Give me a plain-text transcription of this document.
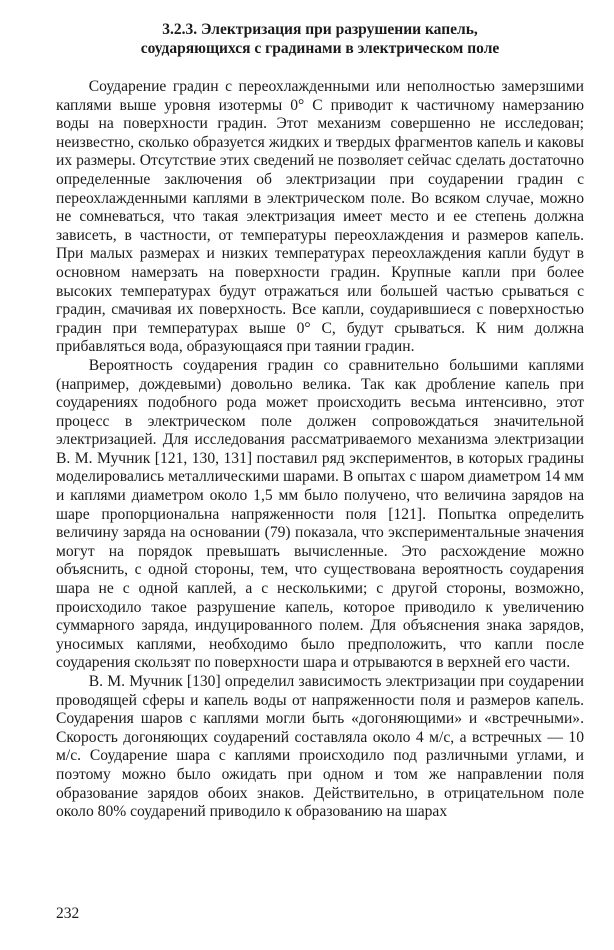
3.2.3. Электризация при разрушении капель,
соударяющихся с градинами в электрическом поле

Соударение градин с переохлажденными или неполностью замерзшими каплями выше уровня изотермы 0° С приводит к частичному намерзанию воды на поверхности градин. Этот механизм совершенно не исследован; неизвестно, сколько образуется жидких и твердых фрагментов капель и каковы их размеры. Отсутствие этих сведений не позволяет сейчас сделать достаточно определенные заключения об электризации при соударении градин с переохлажденными каплями в электрическом поле. Во всяком случае, можно не сомневаться, что такая электризация имеет место и ее степень должна зависеть, в частности, от температуры переохлаждения и размеров капель. При малых размерах и низких температурах переохлаждения капли будут в основном намерзать на поверхности градин. Крупные капли при более высоких температурах будут отражаться или большей частью срываться с градин, смачивая их поверхность. Все капли, соударившиеся с поверхностью градин при температурах выше 0° С, будут срываться. К ним должна прибавляться вода, образующаяся при таянии градин.

Вероятность соударения градин со сравнительно большими каплями (например, дождевыми) довольно велика. Так как дробление капель при соударениях подобного рода может происходить весьма интенсивно, этот процесс в электрическом поле должен сопровождаться значительной электризацией. Для исследования рассматриваемого механизма электризации В. М. Мучник [121, 130, 131] поставил ряд экспериментов, в которых градины моделировались металлическими шарами. В опытах с шаром диаметром 14 мм и каплями диаметром около 1,5 мм было получено, что величина зарядов на шаре пропорциональна напряженности поля [121]. Попытка определить величину заряда на основании (79) показала, что экспериментальные значения могут на порядок превышать вычисленные. Это расхождение можно объяснить, с одной стороны, тем, что существована вероятность соударения шара не с одной каплей, а с несколькими; с другой стороны, возможно, происходило такое разрушение капель, которое приводило к увеличению суммарного заряда, индуцированного полем. Для объяснения знака зарядов, уносимых каплями, необходимо было предположить, что капли после соударения скользят по поверхности шара и отрываются в верхней его части.

В. М. Мучник [130] определил зависимость электризации при соударении проводящей сферы и капель воды от напряженности поля и размеров капель. Соударения шаров с каплями могли быть «догоняющими» и «встречными». Скорость догоняющих соударений составляла около 4 м/с, а встречных — 10 м/с. Соударение шара с каплями происходило под различными углами, и поэтому можно было ожидать при одном и том же направлении поля образование зарядов обоих знаков. Действительно, в отрицательном поле около 80% соударений приводило к образованию на шарах

232
